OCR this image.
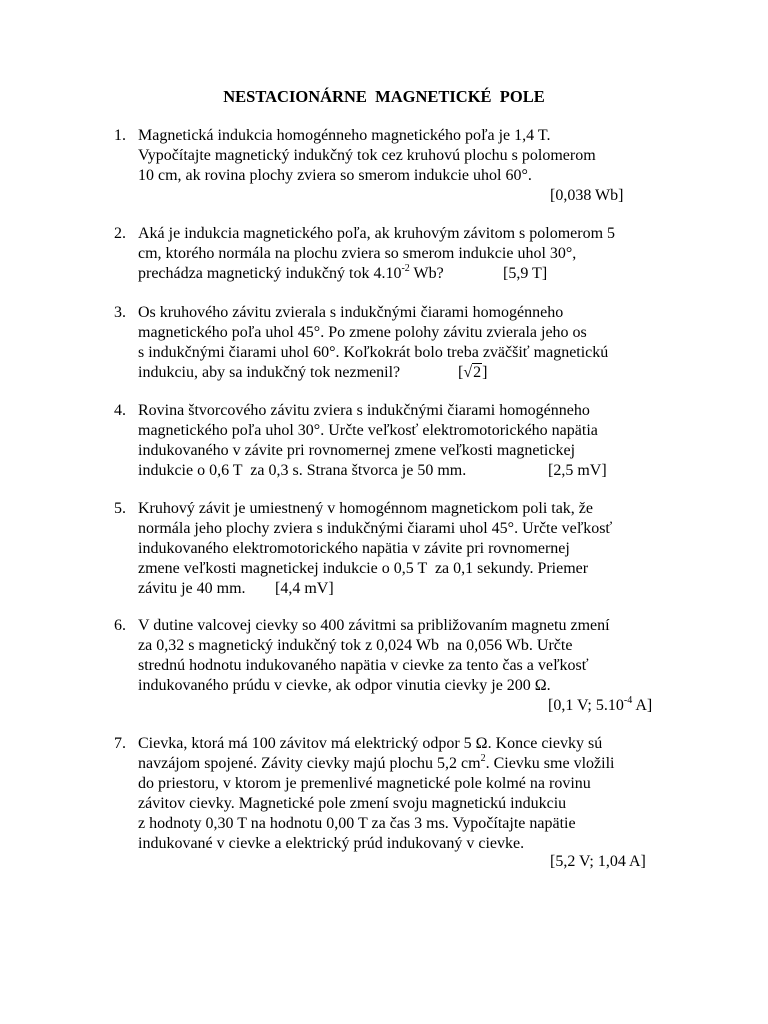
NESTACIONÁRNE  MAGNETICKÉ  POLE
1. Magnetická indukcia homogénneho magnetického poľa je 1,4 T.
Vypočítajte magnetický indukčný tok cez kruhovú plochu s polomerom
10 cm, ak rovina plochy zviera so smerom indukcie uhol 60°.
[0,038 Wb]
2. Aká je indukcia magnetického poľa, ak kruhovým závitom s polomerom 5
cm, ktorého normála na plochu zviera so smerom indukcie uhol 30°,
prechádza magnetický indukčný tok $4.10^{-2}$ Wb?	[5,9 T]
3. Os kruhového závitu zvierala s indukčnými čiarami homogénneho
magnetického poľa uhol 45°. Po zmene polohy závitu zvierala jeho os
s indukčnými čiarami uhol 60°. Koľkokrát bolo treba zväčšiť magnetickú
indukciu, aby sa indukčný tok nezmenil?	[√2]
4. Rovina štvorcového závitu zviera s indukčnými čiarami homogénneho
magnetického poľa uhol 30°. Určte veľkosť elektromotorického napätia
indukovaného v závite pri rovnomernej zmene veľkosti magnetickej
indukcie o 0,6 T  za 0,3 s. Strana štvorca je 50 mm.	[2,5 mV]
5. Kruhový závit je umiestnený v homogénnom magnetickom poli tak, že
normála jeho plochy zviera s indukčnými čiarami uhol 45°. Určte veľkosť
indukovaného elektromotorického napätia v závite pri rovnomernej
zmene veľkosti magnetickej indukcie o 0,5 T  za 0,1 sekundy. Priemer
závitu je 40 mm. [4,4 mV]
6. V dutine valcovej cievky so 400 závitmi sa približovaním magnetu zmení
za 0,32 s magnetický indukčný tok z 0,024 Wb  na 0,056 Wb. Určte
strednú hodnotu indukovaného napätia v cievke za tento čas a veľkosť
indukovaného prúdu v cievke, ak odpor vinutia cievky je 200 Ω.
[0,1 V; $5.10^{-4}$ A]
7. Cievka, ktorá má 100 závitov má elektrický odpor 5 Ω. Konce cievky sú
navzájom spojené. Závity cievky majú plochu 5,2 $cm^2$. Cievku sme vložili
do priestoru, v ktorom je premenlivé magnetické pole kolmé na rovinu
závitov cievky. Magnetické pole zmení svoju magnetickú indukciu
z hodnoty 0,30 T na hodnotu 0,00 T za čas 3 ms. Vypočítajte napätie
indukované v cievke a elektrický prúd indukovaný v cievke.
[5,2 V; 1,04 A]
